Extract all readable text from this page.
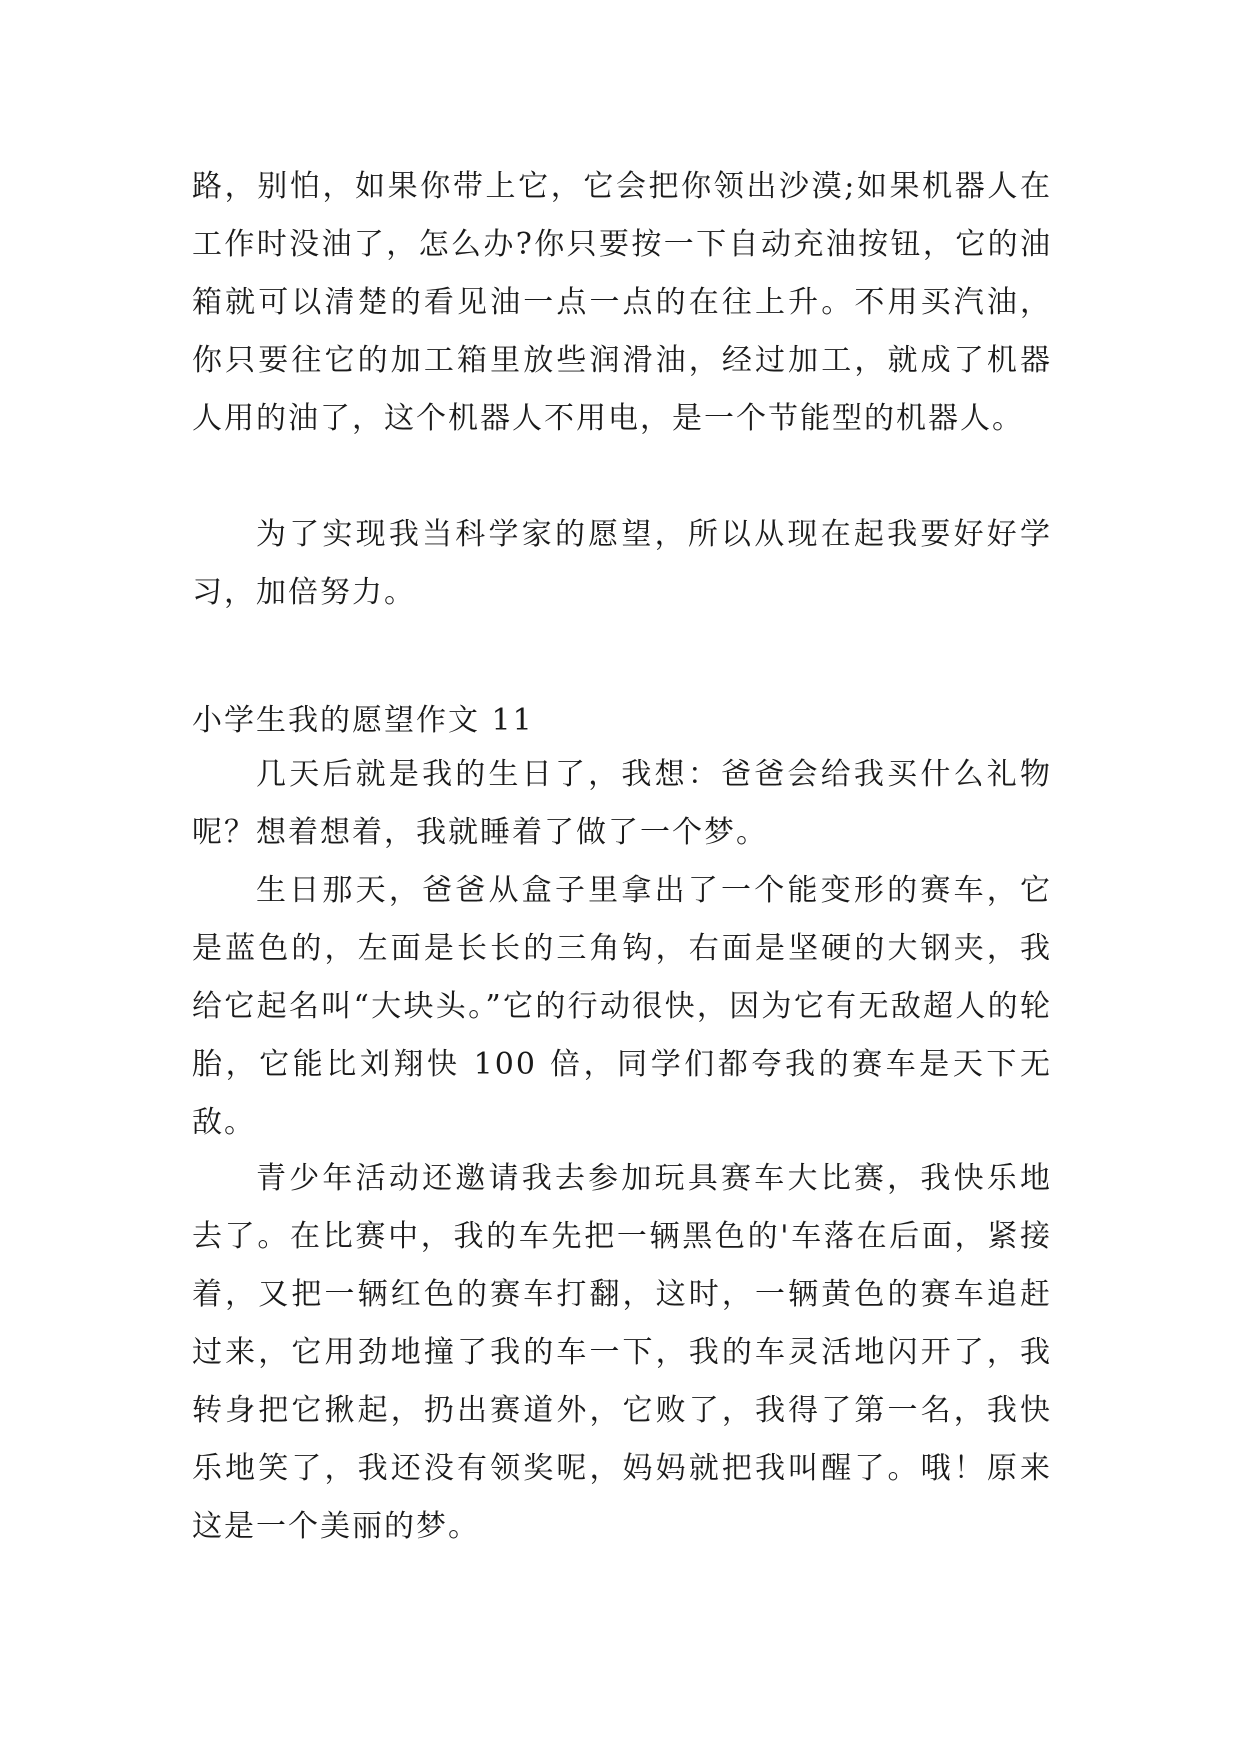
路，别怕，如果你带上它，它会把你领出沙漠;如果机器人在工作时没油了，怎么办?你只要按一下自动充油按钮，它的油箱就可以清楚的看见油一点一点的在往上升。不用买汽油，你只要往它的加工箱里放些润滑油，经过加工，就成了机器人用的油了，这个机器人不用电，是一个节能型的机器人。

为了实现我当科学家的愿望，所以从现在起我要好好学习，加倍努力。

小学生我的愿望作文 11

几天后就是我的生日了，我想：爸爸会给我买什么礼物呢？想着想着，我就睡着了做了一个梦。

生日那天，爸爸从盒子里拿出了一个能变形的赛车，它是蓝色的，左面是长长的三角钩，右面是坚硬的大钢夹，我给它起名叫“大块头。”它的行动很快，因为它有无敌超人的轮胎，它能比刘翔快 100 倍，同学们都夸我的赛车是天下无敌。

青少年活动还邀请我去参加玩具赛车大比赛，我快乐地去了。在比赛中，我的车先把一辆黑色的'车落在后面，紧接着，又把一辆红色的赛车打翻，这时，一辆黄色的赛车追赶过来，它用劲地撞了我的车一下，我的车灵活地闪开了，我转身把它揪起，扔出赛道外，它败了，我得了第一名，我快乐地笑了，我还没有领奖呢，妈妈就把我叫醒了。哦！原来这是一个美丽的梦。
